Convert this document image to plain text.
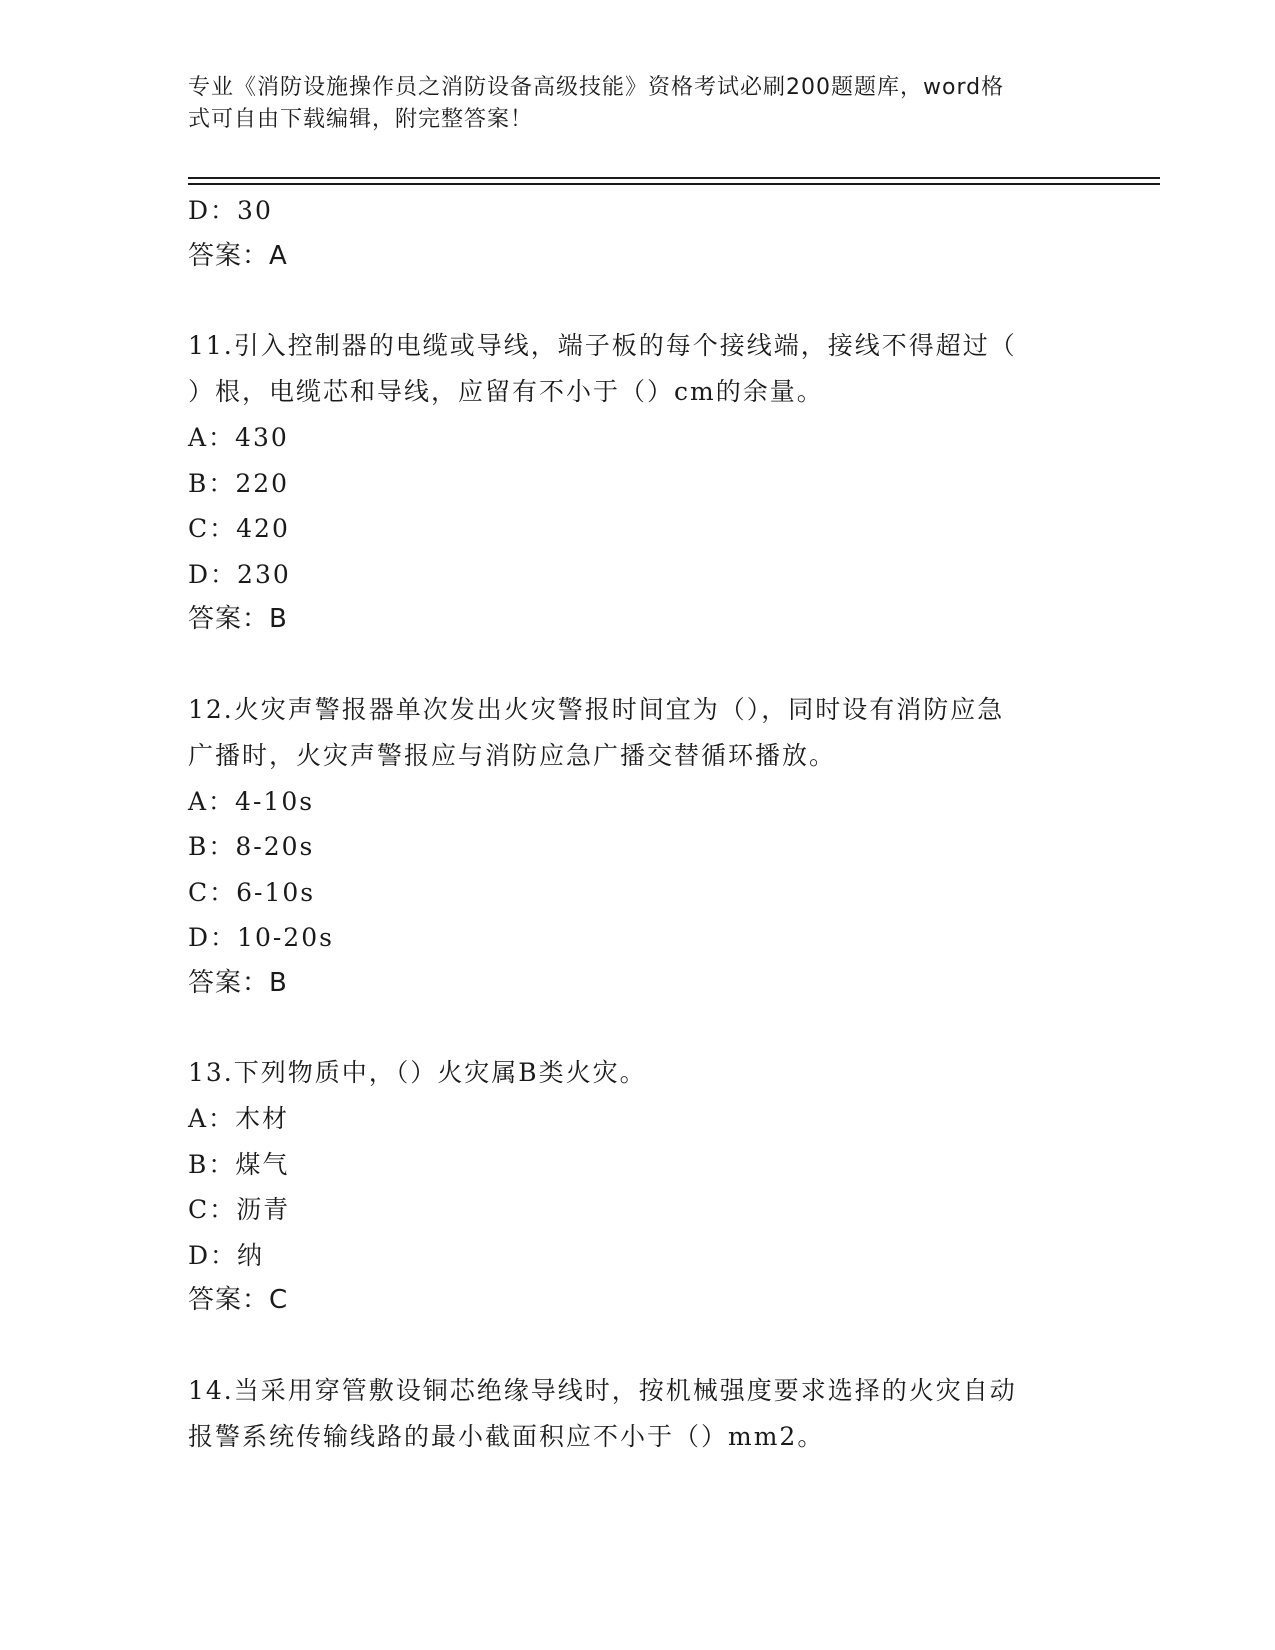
专业《消防设施操作员之消防设备高级技能》资格考试必刷200题题库，word格
式可自由下载编辑，附完整答案！
D：30
答案：A
11.引入控制器的电缆或导线，端子板的每个接线端，接线不得超过（
）根，电缆芯和导线，应留有不小于（）cm的余量。
A：430
B：220
C：420
D：230
答案：B
12.火灾声警报器单次发出火灾警报时间宜为（），同时设有消防应急
广播时，火灾声警报应与消防应急广播交替循环播放。
A：4-10s
B：8-20s
C：6-10s
D：10-20s
答案：B
13.下列物质中，（）火灾属B类火灾。
A：木材
B：煤气
C：沥青
D：纳
答案：C
14.当采用穿管敷设铜芯绝缘导线时，按机械强度要求选择的火灾自动
报警系统传输线路的最小截面积应不小于（）mm2。
